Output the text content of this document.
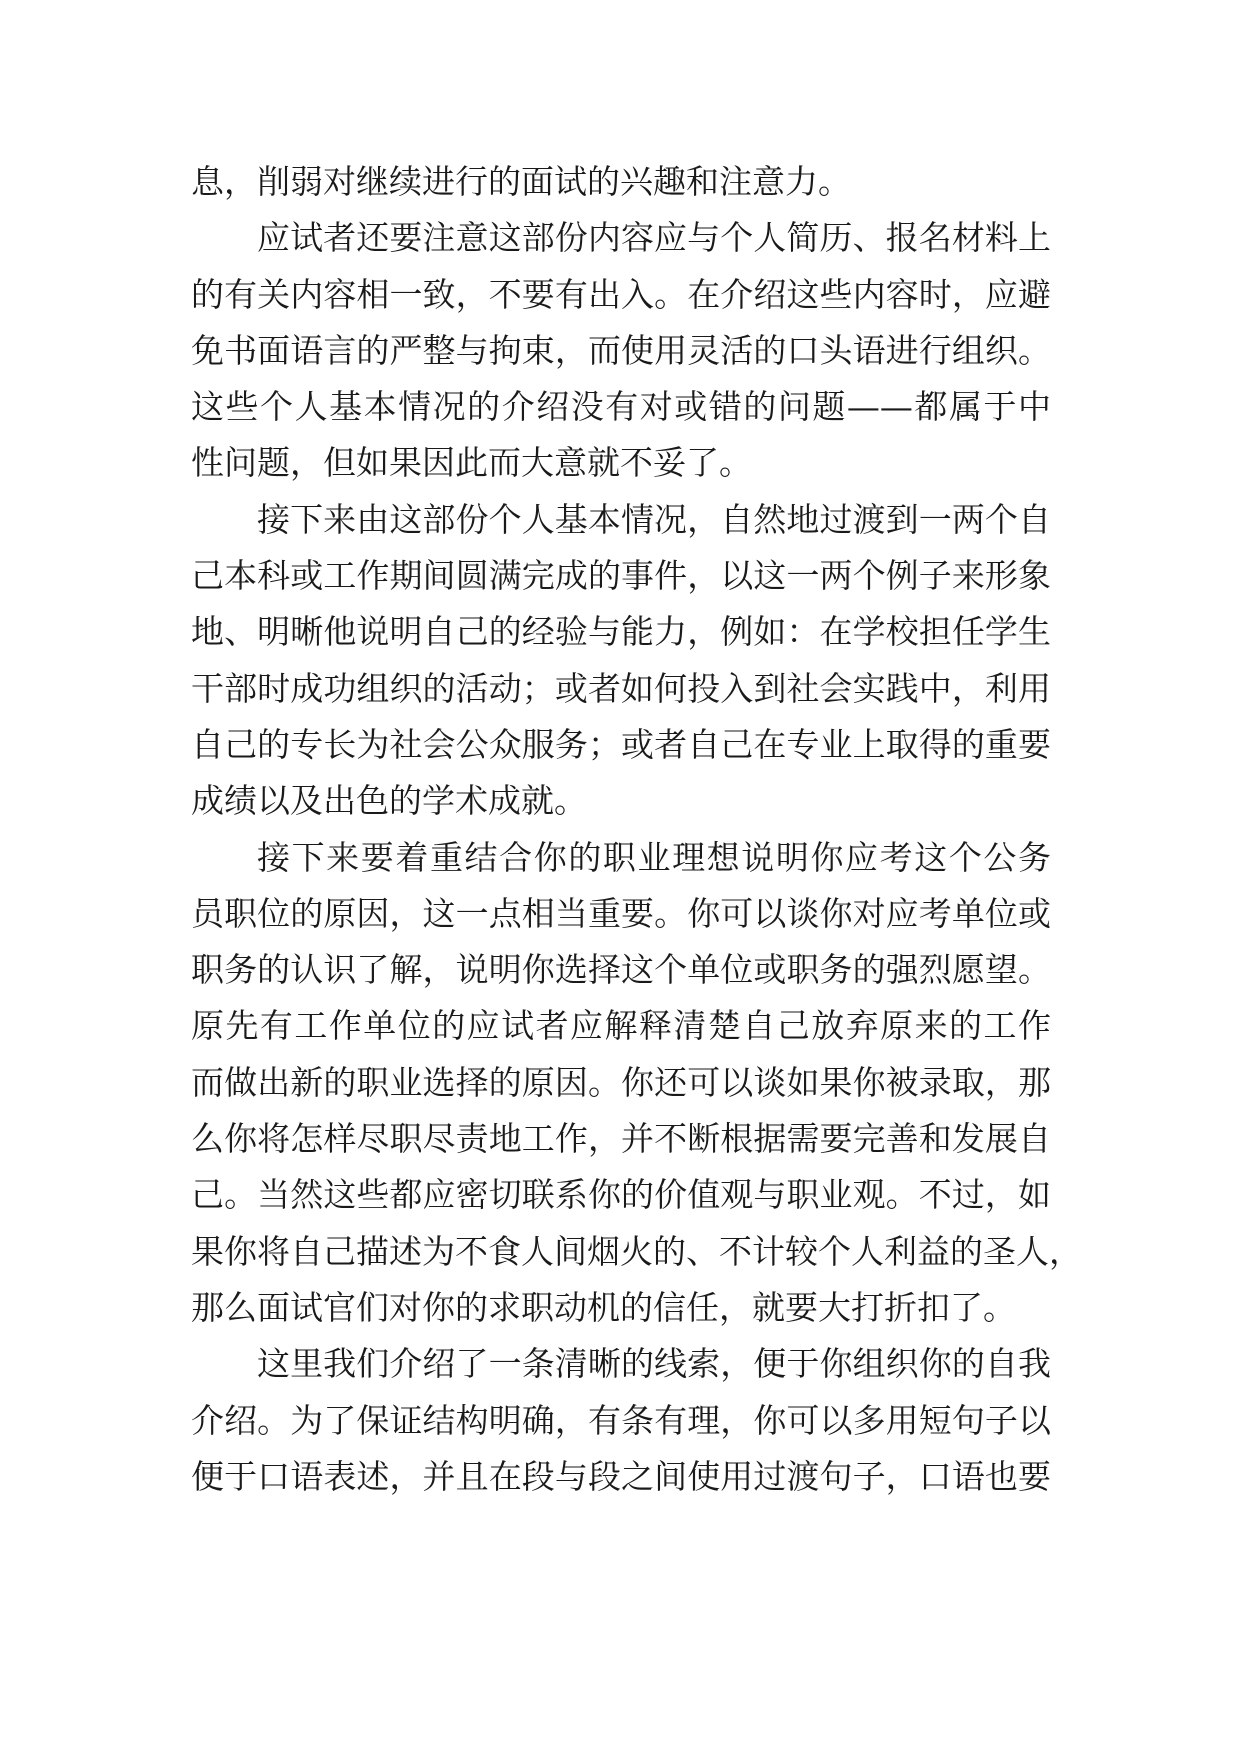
息，削弱对继续进行的面试的兴趣和注意力。
应试者还要注意这部份内容应与个人简历、报名材料上
的有关内容相一致，不要有出入。在介绍这些内容时，应避
免书面语言的严整与拘束，而使用灵活的口头语进行组织。
这些个人基本情况的介绍没有对或错的问题——都属于中
性问题，但如果因此而大意就不妥了。
接下来由这部份个人基本情况，自然地过渡到一两个自
己本科或工作期间圆满完成的事件，以这一两个例子来形象
地、明晰他说明自己的经验与能力，例如：在学校担任学生
干部时成功组织的活动；或者如何投入到社会实践中，利用
自己的专长为社会公众服务；或者自己在专业上取得的重要
成绩以及出色的学术成就。
接下来要着重结合你的职业理想说明你应考这个公务
员职位的原因，这一点相当重要。你可以谈你对应考单位或
职务的认识了解，说明你选择这个单位或职务的强烈愿望。
原先有工作单位的应试者应解释清楚自己放弃原来的工作
而做出新的职业选择的原因。你还可以谈如果你被录取，那
么你将怎样尽职尽责地工作，并不断根据需要完善和发展自
己。当然这些都应密切联系你的价值观与职业观。不过，如
果你将自己描述为不食人间烟火的、不计较个人利益的圣人，
那么面试官们对你的求职动机的信任，就要大打折扣了。
这里我们介绍了一条清晰的线索，便于你组织你的自我
介绍。为了保证结构明确，有条有理，你可以多用短句子以
便于口语表述，并且在段与段之间使用过渡句子，口语也要
